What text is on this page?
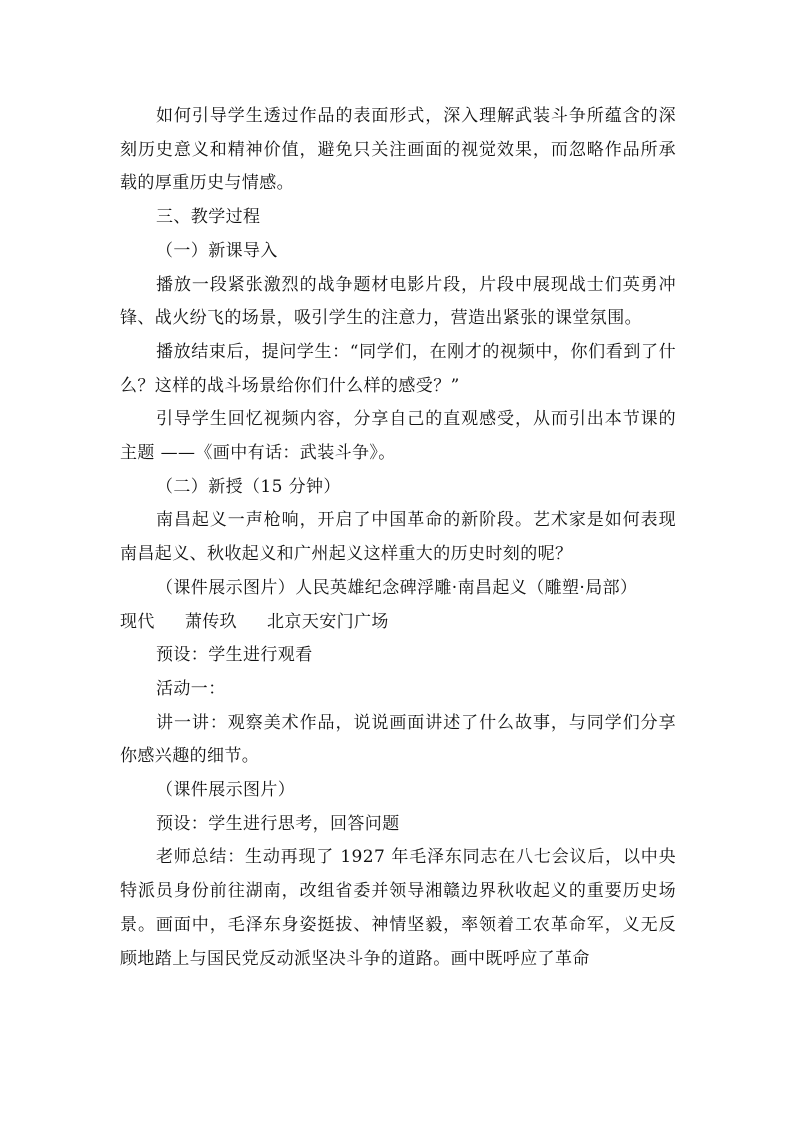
如何引导学生透过作品的表面形式，深入理解武装斗争所蕴含的深刻历史意义和精神价值，避免只关注画面的视觉效果，而忽略作品所承载的厚重历史与情感。

三、教学过程

（一）新课导入

播放一段紧张激烈的战争题材电影片段，片段中展现战士们英勇冲锋、战火纷飞的场景，吸引学生的注意力，营造出紧张的课堂氛围。

播放结束后，提问学生：“同学们，在刚才的视频中，你们看到了什么？这样的战斗场景给你们什么样的感受？”

引导学生回忆视频内容，分享自己的直观感受，从而引出本节课的主题 ——《画中有话：武装斗争》。

（二）新授（15 分钟）

南昌起义一声枪响，开启了中国革命的新阶段。艺术家是如何表现南昌起义、秋收起义和广州起义这样重大的历史时刻的呢？

（课件展示图片）人民英雄纪念碑浮雕·南昌起义（雕塑·局部）

现代 萧传玖 北京天安门广场

预设：学生进行观看

活动一：

讲一讲：观察美术作品，说说画面讲述了什么故事，与同学们分享你感兴趣的细节。

（课件展示图片）

预设：学生进行思考，回答问题

老师总结：生动再现了 1927 年毛泽东同志在八七会议后，以中央特派员身份前往湖南，改组省委并领导湘赣边界秋收起义的重要历史场景。画面中，毛泽东身姿挺拔、神情坚毅，率领着工农革命军，义无反顾地踏上与国民党反动派坚决斗争的道路。画中既呼应了革命
